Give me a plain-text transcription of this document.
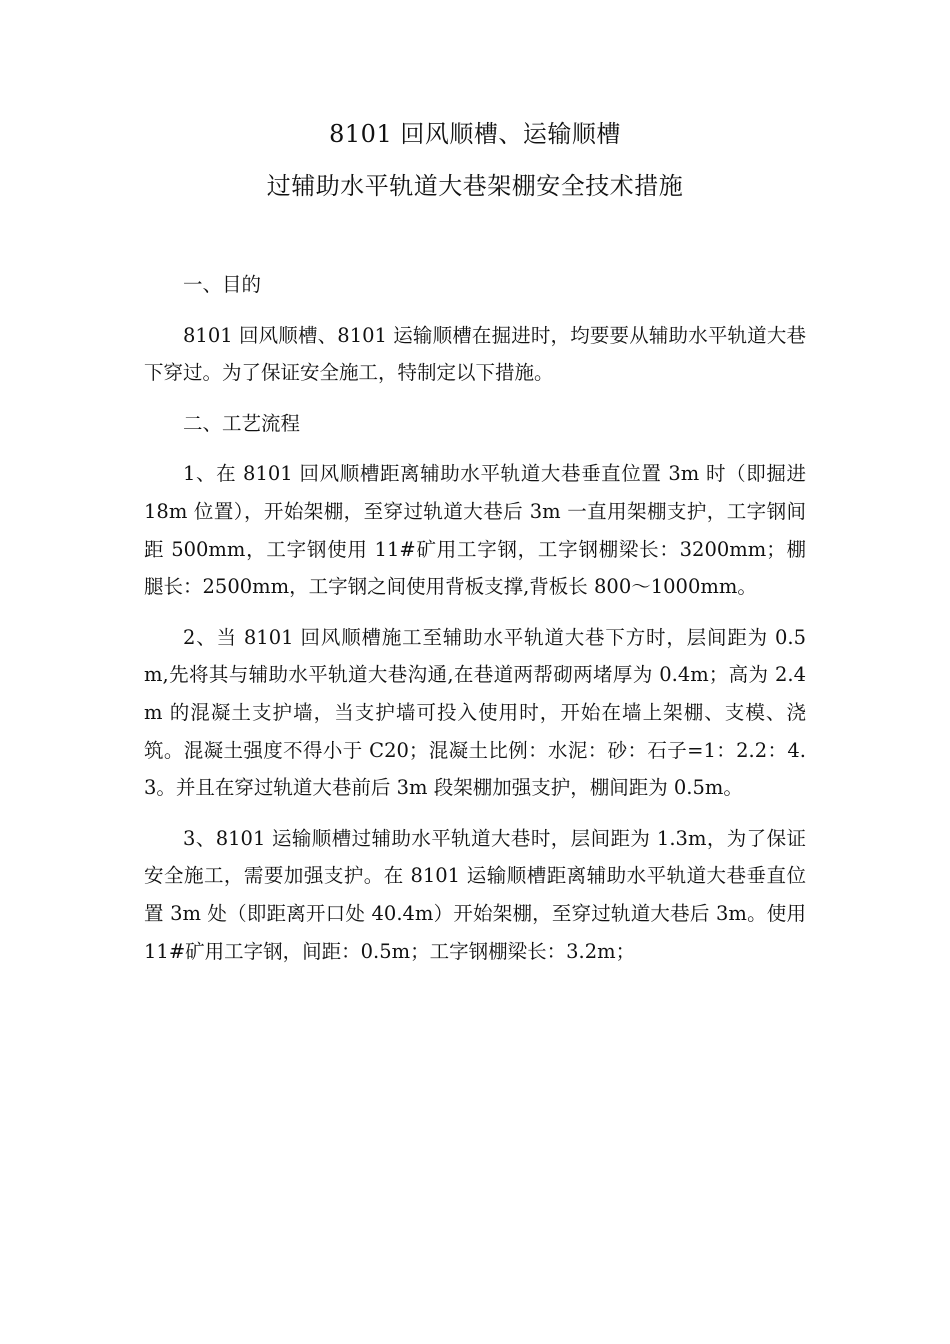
8101 回风顺槽、运输顺槽
过辅助水平轨道大巷架棚安全技术措施

一、目的

8101 回风顺槽、8101 运输顺槽在掘进时，均要要从辅助水平轨道大巷下穿过。为了保证安全施工，特制定以下措施。

二、工艺流程

1、在 8101 回风顺槽距离辅助水平轨道大巷垂直位置 3m 时（即掘进 18m 位置），开始架棚，至穿过轨道大巷后 3m 一直用架棚支护，工字钢间距 500mm，工字钢使用 11#矿用工字钢，工字钢棚梁长：3200mm；棚腿长：2500mm，工字钢之间使用背板支撑,背板长 800～1000mm。

2、当 8101 回风顺槽施工至辅助水平轨道大巷下方时，层间距为 0.5m,先将其与辅助水平轨道大巷沟通,在巷道两帮砌两堵厚为 0.4m；高为 2.4m 的混凝土支护墙，当支护墙可投入使用时，开始在墙上架棚、支模、浇筑。混凝土强度不得小于 C20；混凝土比例：水泥：砂：石子=1：2.2：4.3。并且在穿过轨道大巷前后 3m 段架棚加强支护，棚间距为 0.5m。

3、8101 运输顺槽过辅助水平轨道大巷时，层间距为 1.3m，为了保证安全施工，需要加强支护。在 8101 运输顺槽距离辅助水平轨道大巷垂直位置 3m 处（即距离开口处 40.4m）开始架棚，至穿过轨道大巷后 3m。使用 11#矿用工字钢，间距：0.5m；工字钢棚梁长：3.2m；
